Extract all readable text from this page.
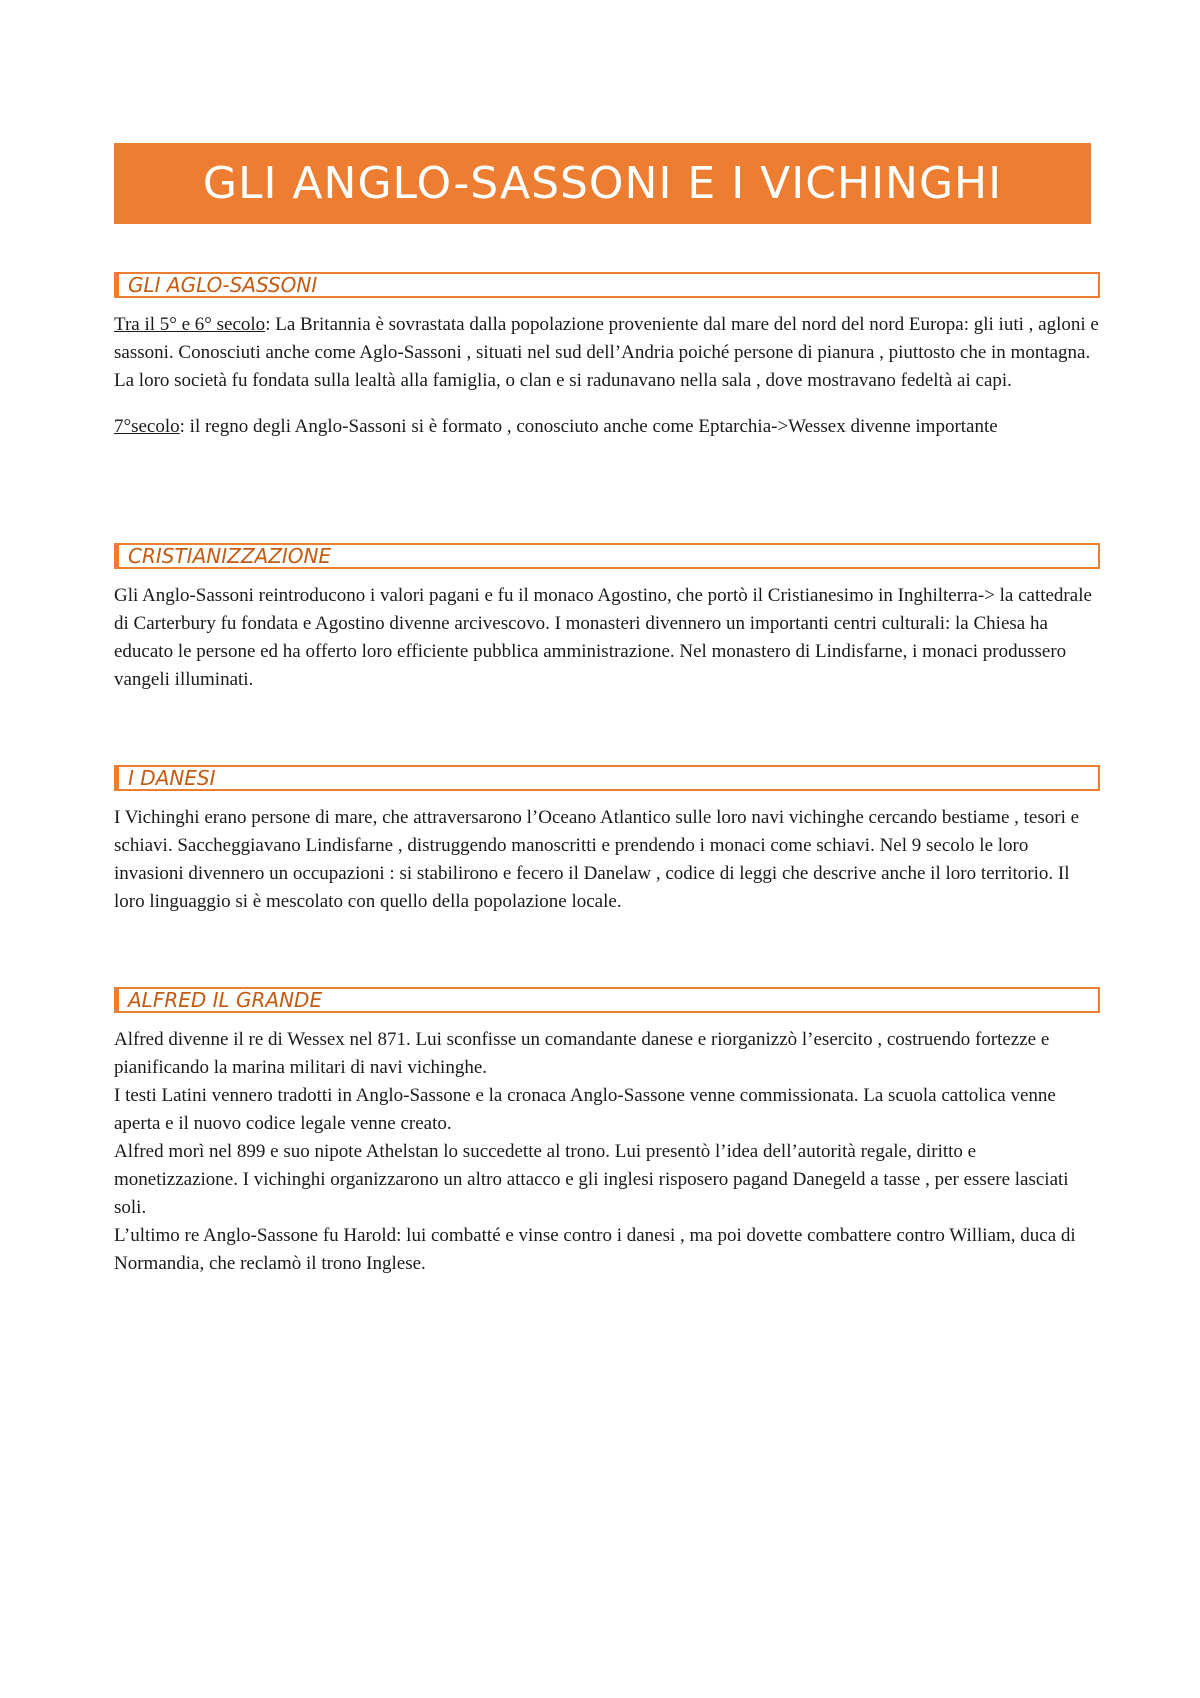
GLI ANGLO-SASSONI E I VICHINGHI
GLI AGLO-SASSONI

Tra il 5° e 6° secolo: La Britannia è sovrastata dalla popolazione proveniente dal mare del nord del nord Europa: gli iuti , agloni e sassoni. Conosciuti anche come Aglo-Sassoni , situati nel sud dell’Andria poiché persone di pianura , piuttosto che in montagna. La loro società fu fondata sulla lealtà alla famiglia, o clan e si radunavano nella sala , dove mostravano fedeltà ai capi.

7°secolo: il regno degli Anglo-Sassoni si è formato , conosciuto anche come Eptarchia->Wessex divenne importante

CRISTIANIZZAZIONE

Gli Anglo-Sassoni reintroducono i valori pagani e fu il monaco Agostino, che portò il Cristianesimo in Inghilterra-> la cattedrale di Carterbury fu fondata e Agostino divenne arcivescovo. I monasteri divennero un importanti centri culturali: la Chiesa ha educato le persone ed ha offerto loro efficiente pubblica amministrazione. Nel monastero di Lindisfarne, i monaci produssero vangeli illuminati.

I DANESI

I Vichinghi erano persone di mare, che attraversarono l’Oceano Atlantico sulle loro navi vichinghe cercando bestiame , tesori e schiavi. Saccheggiavano Lindisfarne , distruggendo manoscritti e prendendo i monaci come schiavi. Nel 9 secolo le loro invasioni divennero un occupazioni : si stabilirono e fecero il Danelaw , codice di leggi che descrive anche il loro territorio. Il loro linguaggio si è mescolato con quello della popolazione locale.

ALFRED IL GRANDE

Alfred divenne il re di Wessex nel 871. Lui sconfisse un comandante danese e riorganizzò l’esercito , costruendo fortezze e pianificando la marina militari di navi vichinghe.

I testi Latini vennero tradotti in Anglo-Sassone e la cronaca Anglo-Sassone venne commissionata. La scuola cattolica venne aperta e il nuovo codice legale venne creato.

Alfred morì nel 899 e suo nipote Athelstan lo succedette al trono. Lui presentò l’idea dell’autorità regale, diritto e monetizzazione. I vichinghi organizzarono un altro attacco e gli inglesi risposero pagand Danegeld a tasse , per essere lasciati soli.

L’ultimo re Anglo-Sassone fu Harold: lui combatté e vinse contro i danesi , ma poi dovette combattere contro William, duca di Normandia, che reclamò il trono Inglese.
